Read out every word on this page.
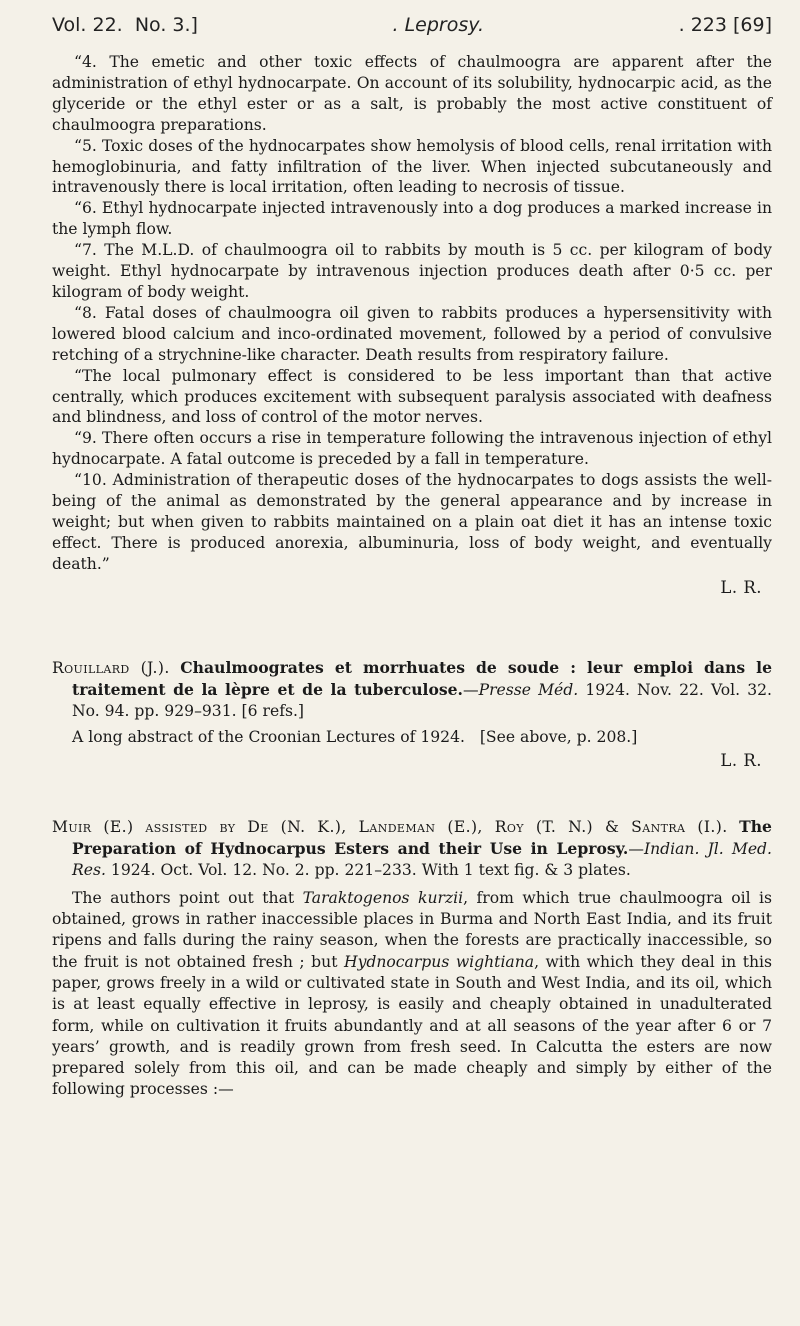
Vol. 22. No. 3.]	. Leprosy.	. 223 [69]

“4. The emetic and other toxic effects of chaulmoogra are apparent after the administration of ethyl hydnocarpate. On account of its solubility, hydnocarpic acid, as the glyceride or the ethyl ester or as a salt, is probably the most active constituent of chaulmoogra preparations.

“5. Toxic doses of the hydnocarpates show hemolysis of blood cells, renal irritation with hemoglobinuria, and fatty infiltration of the liver. When injected subcutaneously and intravenously there is local irritation, often leading to necrosis of tissue.

“6. Ethyl hydnocarpate injected intravenously into a dog produces a marked increase in the lymph flow.

“7. The M.L.D. of chaulmoogra oil to rabbits by mouth is 5 cc. per kilogram of body weight. Ethyl hydnocarpate by intravenous injection produces death after 0·5 cc. per kilogram of body weight.

“8. Fatal doses of chaulmoogra oil given to rabbits produces a hypersensitivity with lowered blood calcium and inco-ordinated movement, followed by a period of convulsive retching of a strychnine-like character. Death results from respiratory failure.

“The local pulmonary effect is considered to be less important than that active centrally, which produces excitement with subsequent paralysis associated with deafness and blindness, and loss of control of the motor nerves.

“9. There often occurs a rise in temperature following the intravenous injection of ethyl hydnocarpate. A fatal outcome is preceded by a fall in temperature.

“10. Administration of therapeutic doses of the hydnocarpates to dogs assists the well-being of the animal as demonstrated by the general appearance and by increase in weight; but when given to rabbits maintained on a plain oat diet it has an intense toxic effect. There is produced anorexia, albuminuria, loss of body weight, and eventually death.”

L. R.

Rouillard (J.). Chaulmoogrates et morrhuates de soude : leur emploi dans le traitement de la lèpre et de la tuberculose.—Presse Méd. 1924. Nov. 22. Vol. 32. No. 94. pp. 929–931. [6 refs.]

A long abstract of the Croonian Lectures of 1924. [See above, p. 208.]

L. R.

Muir (E.) assisted by De (N. K.), Landeman (E.), Roy (T. N.) & Santra (I.). The Preparation of Hydnocarpus Esters and their Use in Leprosy.—Indian. Jl. Med. Res. 1924. Oct. Vol. 12. No. 2. pp. 221–233. With 1 text fig. & 3 plates.

The authors point out that Taraktogenos kurzii, from which true chaulmoogra oil is obtained, grows in rather inaccessible places in Burma and North East India, and its fruit ripens and falls during the rainy season, when the forests are practically inaccessible, so the fruit is not obtained fresh ; but Hydnocarpus wightiana, with which they deal in this paper, grows freely in a wild or cultivated state in South and West India, and its oil, which is at least equally effective in leprosy, is easily and cheaply obtained in unadulterated form, while on cultivation it fruits abundantly and at all seasons of the year after 6 or 7 years’ growth, and is readily grown from fresh seed. In Calcutta the esters are now prepared solely from this oil, and can be made cheaply and simply by either of the following processes :—
